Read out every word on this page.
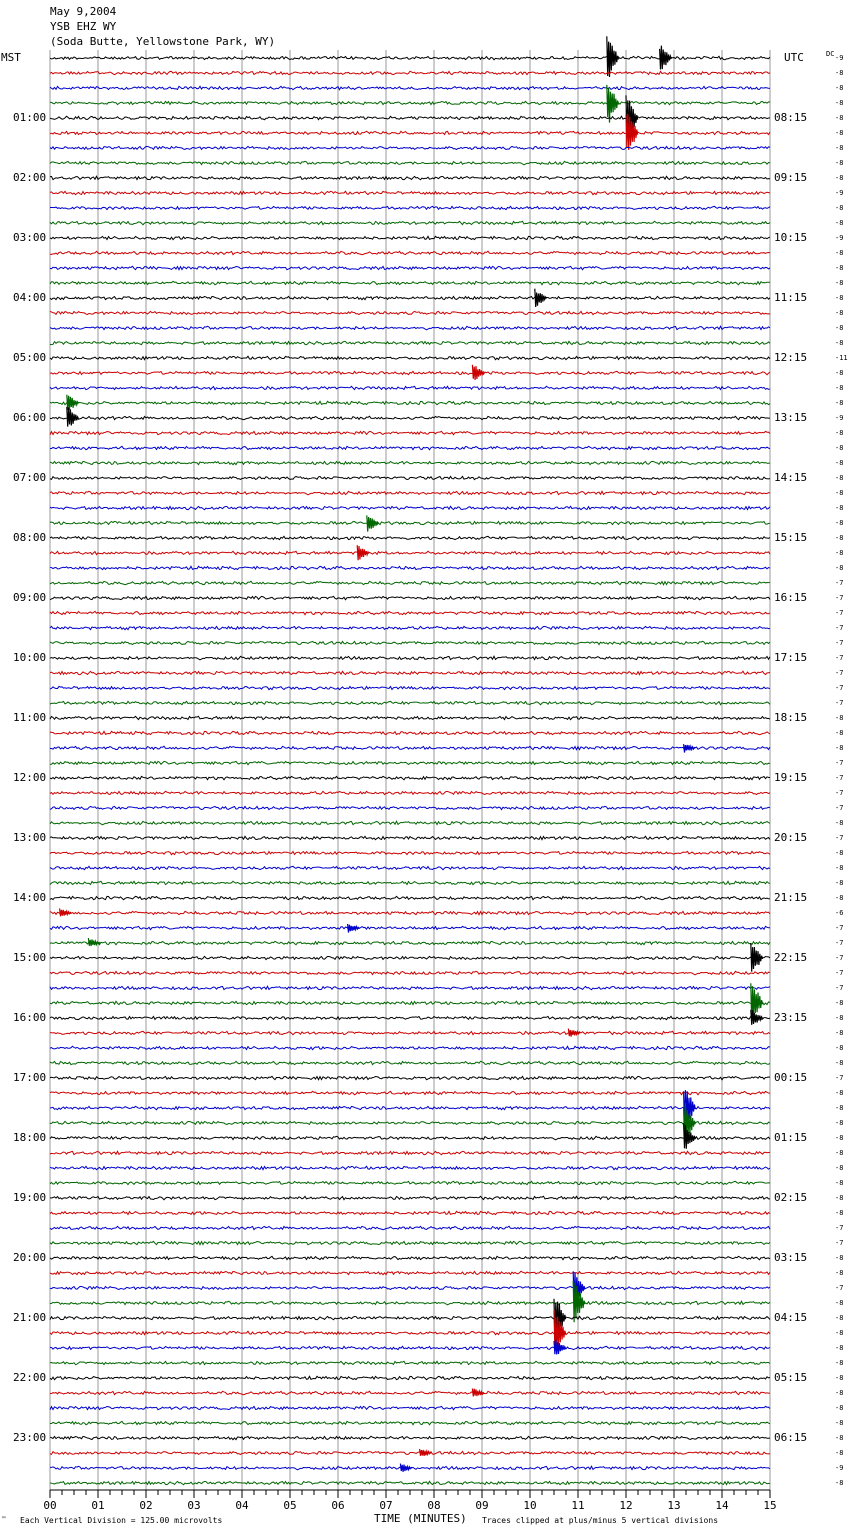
May 9,2004
YSB EHZ WY
(Soda Butte, Yellowstone Park, WY)
MST	UTC	DC -9
-8
-8
-8
-8
-8
-8
-8
-8
-9
-8
-8
-9
-8
-8
-8
-8
-8
-8
-8
-11
-8
-8
-8
-9
-8
-8
-8
-8
-8
-8
-8
-8
-8
-8
-7
-7
-7
-7
-7
-7
-7
-7
-7
-8
-8
-8
-7
-7
-7
-7
-8
-7
-8
-8
-8
-8
-6
-7
-7
-7
-7
-7
-8
-8
-8
-8
-8
-7
-8
-8
-8
-8
-8
-8
-8
-8
-8
-7
-7
-8
-8
-7
-8
-8
-8
-8
-8
-8
-8
-8
-8
-8
-8
-9
-8
01:00
02:00
03:00
04:00
05:00
06:00
07:00
08:00
09:00
10:00
11:00
12:00
13:00
14:00
15:00
16:00
17:00
18:00
19:00
20:00
21:00
22:00
23:00
08:15
09:15
10:15
11:15
12:15
13:15
14:15
15:15
16:15
17:15
18:15
19:15
20:15
21:15
22:15
23:15
00:15
01:15
02:15
03:15
04:15
05:15
06:15
00	01	02	03	04	05	06	07	08	09	10	11	12	13	14	15
™ Each Vertical Division = 125.00 microvolts	TIME (MINUTES) Traces clipped at plus/minus 5 vertical divisions
